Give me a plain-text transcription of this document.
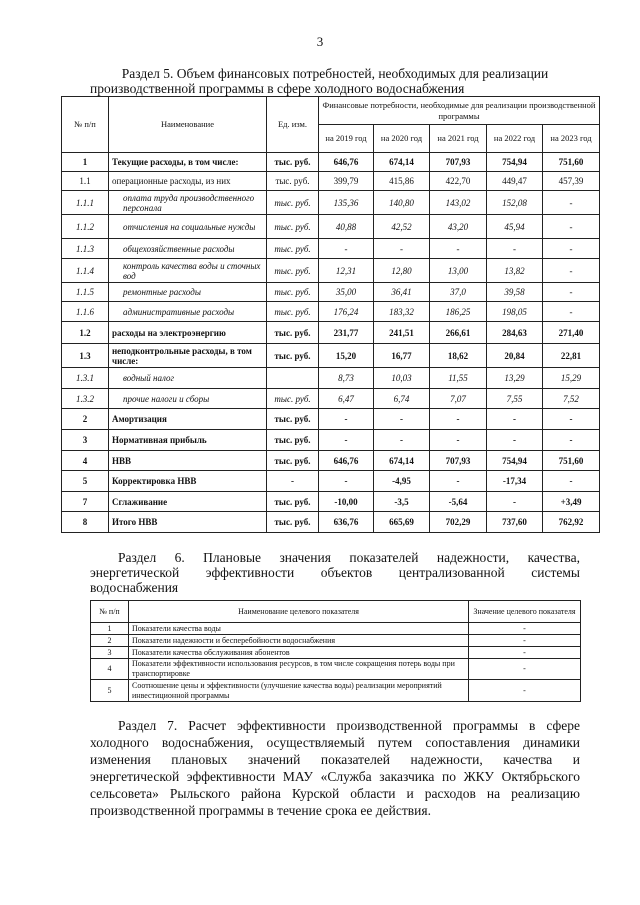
3
Раздел 5. Объем финансовых потребностей, необходимых для реализации
производственной программы в сфере холодного водоснабжения
№ п/п	Наименование	Ед. изм.	Финансовые потребности, необходимые для реализации производственной программы				
			на 2019 год	на 2020 год	на 2021 год	на 2022 год	на 2023 год
1	Текущие расходы, в том числе:	тыс. руб.	646,76	674,14	707,93	754,94	751,60
1.1	операционные расходы, из них	тыс. руб.	399,79	415,86	422,70	449,47	457,39
1.1.1	оплата труда производственного персонала	тыс. руб.	135,36	140,80	143,02	152,08	-
1.1.2	отчисления на социальные нужды	тыс. руб.	40,88	42,52	43,20	45,94	-
1.1.3	общехозяйственные расходы	тыс. руб.	-	-	-	-	-
1.1.4	контроль качества воды и сточных вод	тыс. руб.	12,31	12,80	13,00	13,82	-
1.1.5	ремонтные расходы	тыс. руб.	35,00	36,41	37,0	39,58	-
1.1.6	административные расходы	тыс. руб.	176,24	183,32	186,25	198,05	-
1.2	расходы на электроэнергию	тыс. руб.	231,77	241,51	266,61	284,63	271,40
1.3	неподконтрольные расходы, в том числе:	тыс. руб.	15,20	16,77	18,62	20,84	22,81
1.3.1	водный налог		8,73	10,03	11,55	13,29	15,29
1.3.2	прочие налоги и сборы	тыс. руб.	6,47	6,74	7,07	7,55	7,52
2	Амортизация	тыс. руб.	-	-	-	-	-
3	Нормативная прибыль	тыс. руб.	-	-	-	-	-
4	НВВ	тыс. руб.	646,76	674,14	707,93	754,94	751,60
5	Корректировка НВВ	-	-	-4,95	-	-17,34	-
7	Сглаживание	тыс. руб.	-10,00	-3,5	-5,64	-	+3,49
8	Итого НВВ	тыс. руб.	636,76	665,69	702,29	737,60	762,92
Раздел 6. Плановые значения показателей надежности, качества,
энергетической эффективности объектов централизованной системы
водоснабжения
№ п/п	Наименование целевого показателя	Значение целевого показателя
1	Показатели качества воды	-
2	Показатели надежности и бесперебойности водоснабжения	-
3	Показатели качества обслуживания абонентов	-
4	Показатели эффективности использования ресурсов, в том числе сокращения потерь воды при транспортировке	-
5	Соотношение цены и эффективности (улучшение качества воды) реализации мероприятий инвестиционной программы	-
Раздел 7. Расчет эффективности производственной программы в сфере
холодного водоснабжения, осуществляемый путем сопоставления динамики
изменения плановых значений показателей надежности, качества и
энергетической эффективности МАУ «Служба заказчика по ЖКУ Октябрьского
сельсовета» Рыльского района Курской области и расходов на реализацию
производственной программы в течение срока ее действия.
